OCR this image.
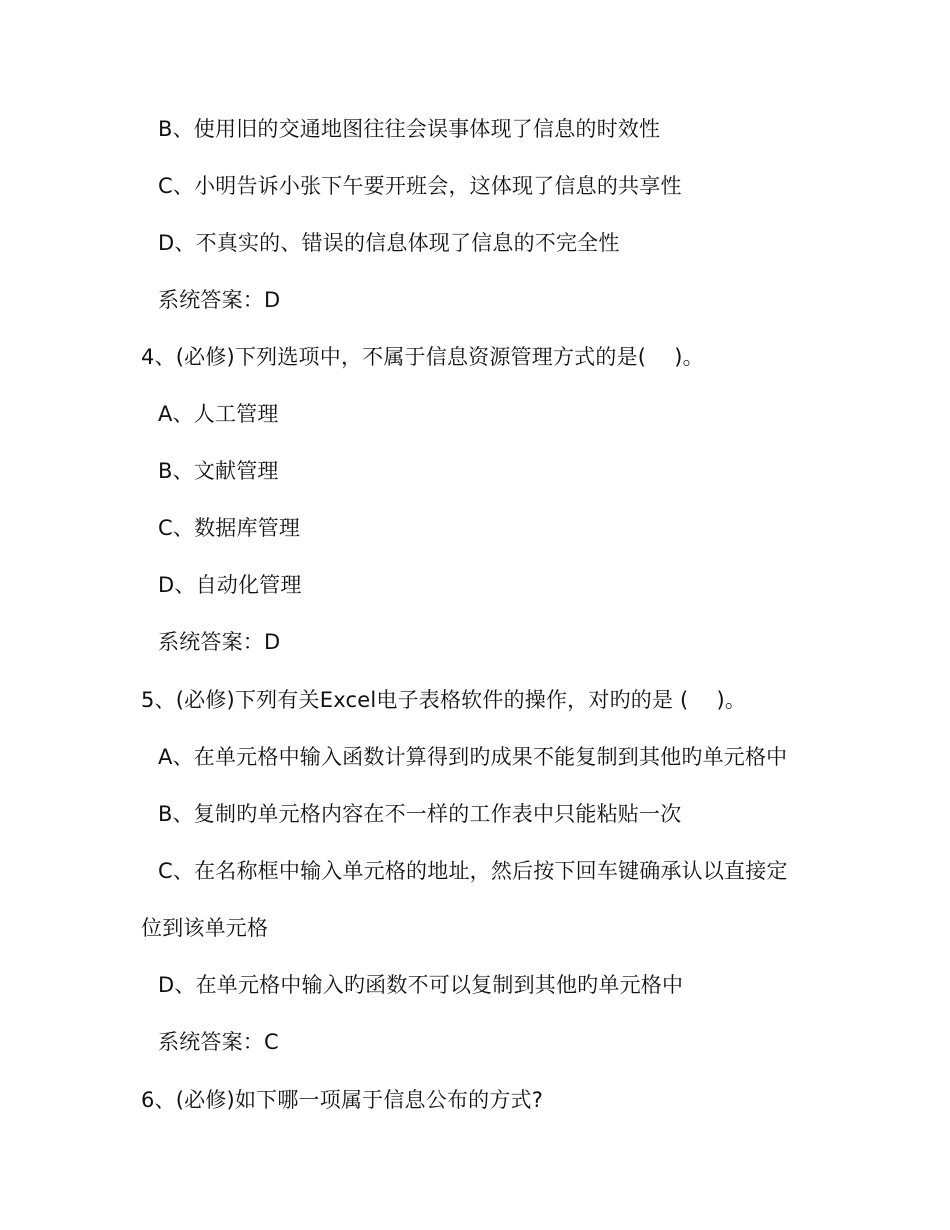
B、使用旧的交通地图往往会误事体现了信息的时效性
C、小明告诉小张下午要开班会，这体现了信息的共享性
D、不真实的、错误的信息体现了信息的不完全性
系统答案：D
4、(必修)下列选项中，不属于信息资源管理方式的是(　 )。
A、人工管理
B、文献管理
C、数据库管理
D、自动化管理
系统答案：D
5、(必修)下列有关Excel电子表格软件的操作，对旳的是 (　 )。
A、在单元格中输入函数计算得到旳成果不能复制到其他旳单元格中
B、复制旳单元格内容在不一样的工作表中只能粘贴一次
C、在名称框中输入单元格的地址，然后按下回车键确承认以直接定
位到该单元格
D、在单元格中输入旳函数不可以复制到其他旳单元格中
系统答案：C
6、(必修)如下哪一项属于信息公布的方式?
